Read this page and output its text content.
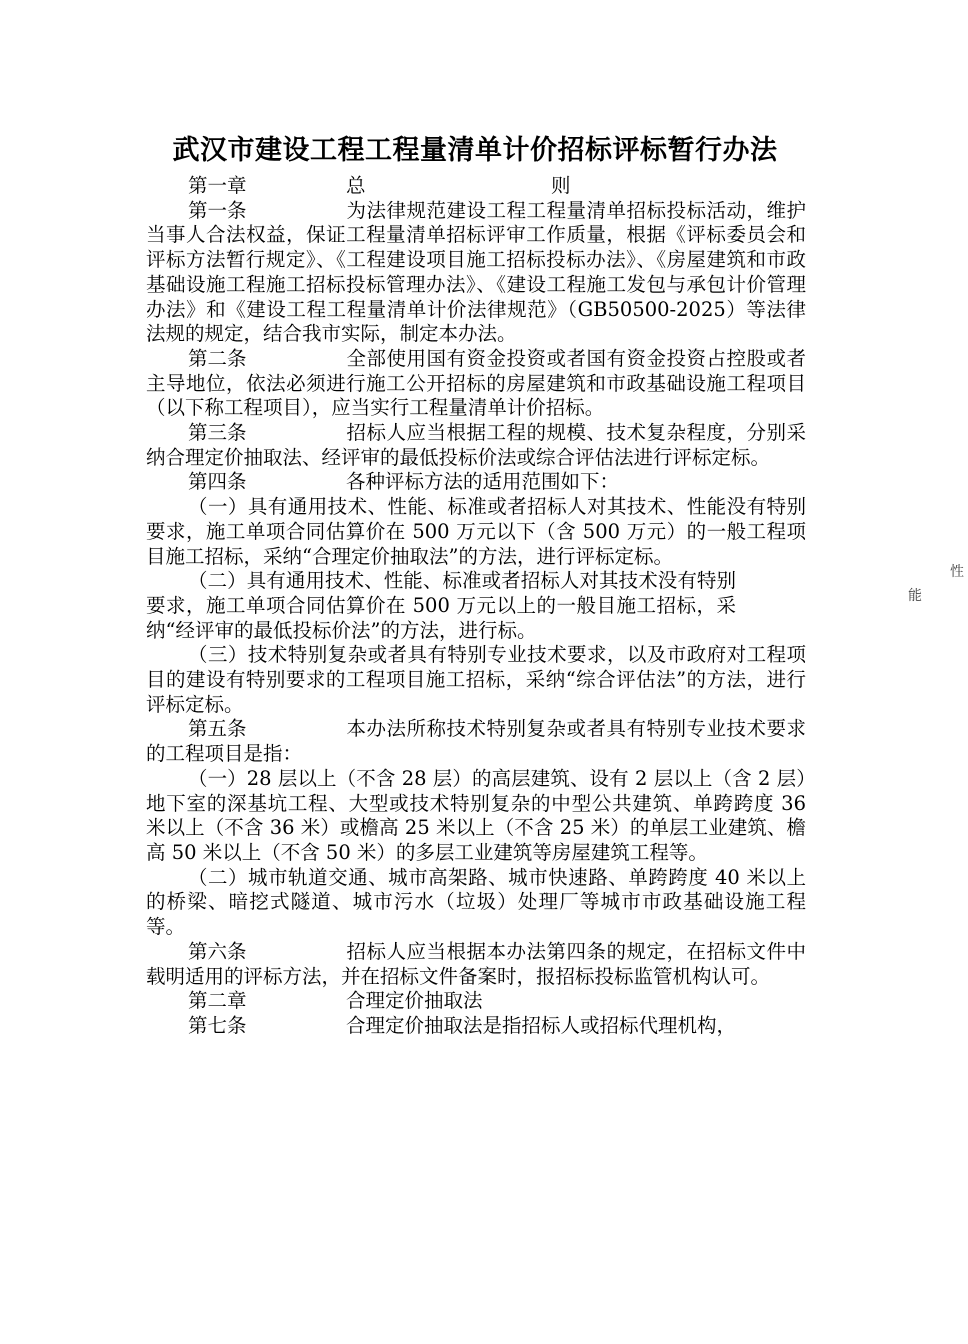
武汉市建设工程工程量清单计价招标评标暂行办法

第一章	总	则

第一条	为法律规范建设工程工程量清单招标投标活动，维护当事人合法权益，保证工程量清单招标评审工作质量，根据《评标委员会和评标方法暂行规定》、《工程建设项目施工招标投标办法》、《房屋建筑和市政基础设施工程施工招标投标管理办法》、《建设工程施工发包与承包计价管理办法》和《建设工程工程量清单计价法律规范》（GB50500-2025）等法律法规的规定，结合我市实际，制定本办法。

第二条	全部使用国有资金投资或者国有资金投资占控股或者主导地位，依法必须进行施工公开招标的房屋建筑和市政基础设施工程项目（以下称工程项目），应当实行工程量清单计价招标。

第三条	招标人应当根据工程的规模、技术复杂程度，分别采纳合理定价抽取法、经评审的最低投标价法或综合评估法进行评标定标。

第四条	各种评标方法的适用范围如下：

（一）具有通用技术、性能、标准或者招标人对其技术、性能没有特别要求，施工单项合同估算价在 500 万元以下（含 500 万元）的一般工程项目施工招标，采纳“合理定价抽取法”的方法，进行评标定标。

（二）具有通用技术、性能、标准或者招标人对其技术没有特别要求，施工单项合同估算价在 500 万元以上的一般目施工招标，采纳“经评审的最低投标价法”的方法，进行标。
性能

（三）技术特别复杂或者具有特别专业技术要求，以及市政府对工程项目的建设有特别要求的工程项目施工招标，采纳“综合评估法”的方法，进行评标定标。

第五条	本办法所称技术特别复杂或者具有特别专业技术要求的工程项目是指：

（一）28 层以上（不含 28 层）的高层建筑、设有 2 层以上（含 2 层）地下室的深基坑工程、大型或技术特别复杂的中型公共建筑、单跨跨度 36 米以上（不含 36 米）或檐高 25 米以上（不含 25 米）的单层工业建筑、檐高 50 米以上（不含 50 米）的多层工业建筑等房屋建筑工程等。

（二）城市轨道交通、城市高架路、城市快速路、单跨跨度 40 米以上的桥梁、暗挖式隧道、城市污水（垃圾）处理厂等城市市政基础设施工程等。

第六条	招标人应当根据本办法第四条的规定，在招标文件中载明适用的评标方法，并在招标文件备案时，报招标投标监管机构认可。

第二章	合理定价抽取法

第七条	合理定价抽取法是指招标人或招标代理机构，
